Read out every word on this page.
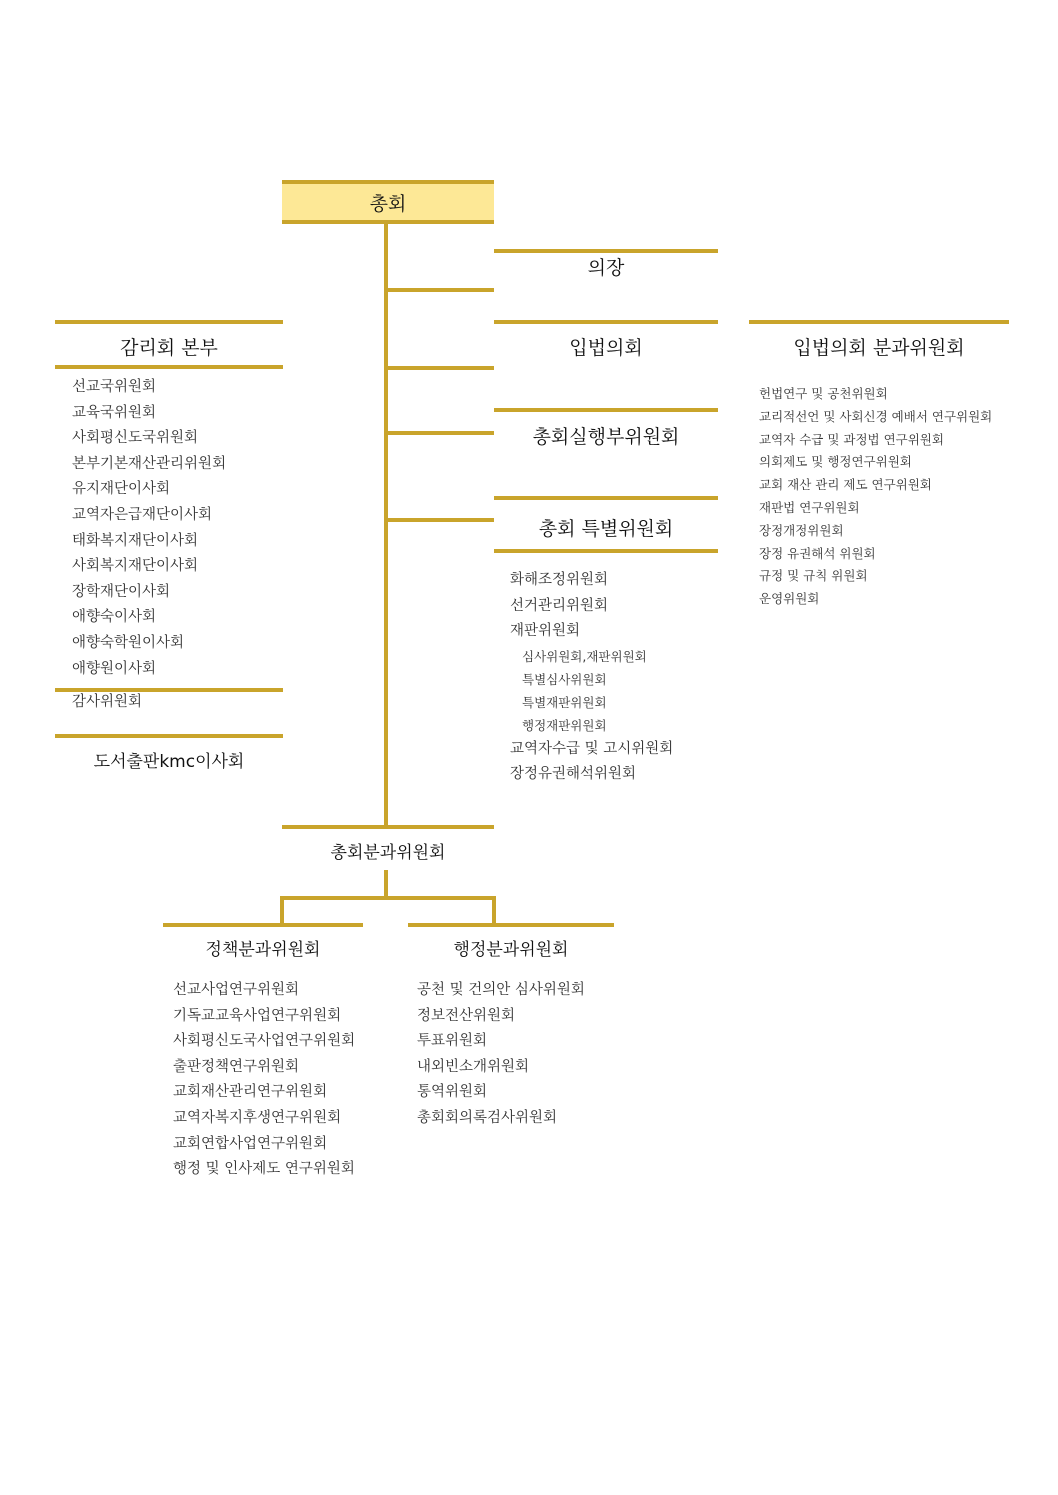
총회
의장
감리회 본부
선교국위원회
교육국위원회
사회평신도국위원회
본부기본재산관리위원회
유지재단이사회
교역자은급재단이사회
태화복지재단이사회
사회복지재단이사회
장학재단이사회
애향숙이사회
애향숙학원이사회
애향원이사회
감사위원회
도서출판kmc이사회
입법의회
총회실행부위원회
총회 특별위원회
화해조정위원회
선거관리위원회
재판위원회
심사위원회,재판위원회
특별심사위원회
특별재판위원회
행정재판위원회
교역자수급 및 고시위원회
장정유권해석위원회
입법의회 분과위원회
헌법연구 및 공천위원회
교리적선언 및 사회신경 예배서 연구위원회
교역자 수급 및 과정법 연구위원회
의회제도 및 행정연구위원회
교회 재산 관리 제도 연구위원회
재판법 연구위원회
장정개정위원회
장정 유권해석 위원회
규정 및 규칙 위원회
운영위원회
총회분과위원회
정책분과위원회
선교사업연구위원회
기독교교육사업연구위원회
사회평신도국사업연구위원회
출판정책연구위원회
교회재산관리연구위원회
교역자복지후생연구위원회
교회연합사업연구위원회
행정 및 인사제도 연구위원회
행정분과위원회
공천 및 건의안 심사위원회
정보전산위원회
투표위원회
내외빈소개위원회
통역위원회
총회회의록검사위원회
